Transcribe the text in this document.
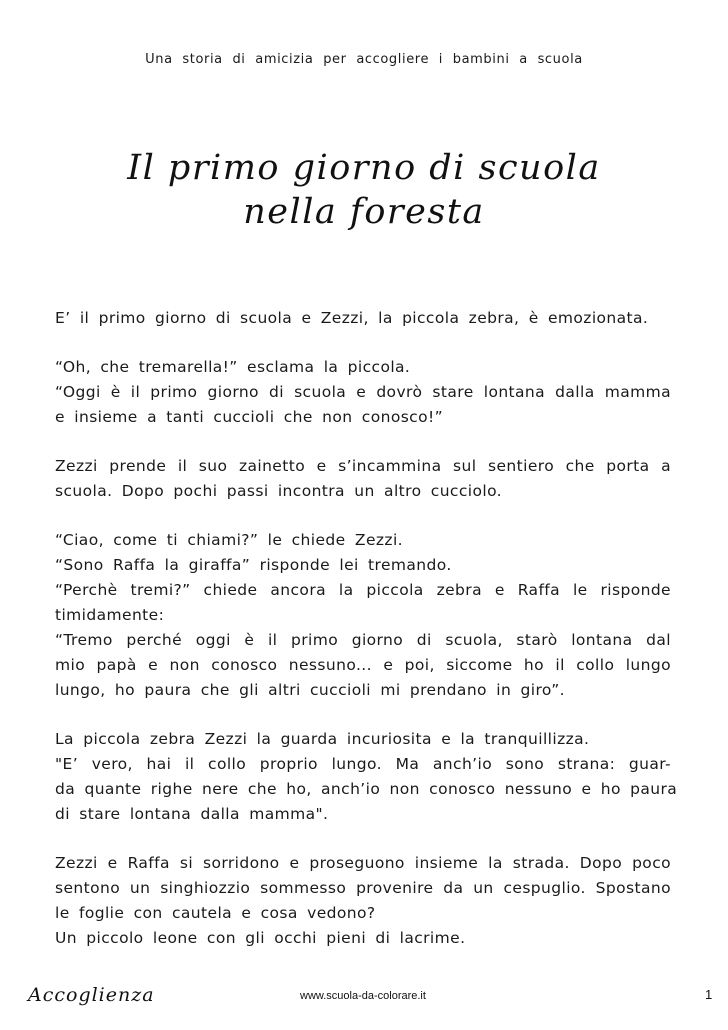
Una storia di amicizia per accogliere i bambini a scuola
Il primo giorno di scuola
nella foresta
E’ il primo giorno di scuola e Zezzi, la piccola zebra, è emozionata.
“Oh, che tremarella!” esclama la piccola.
“Oggi è il primo giorno di scuola e dovrò stare lontana dalla mamma
e insieme a tanti cuccioli che non conosco!”
Zezzi prende il suo zainetto e s’incammina sul sentiero che porta a
scuola. Dopo pochi passi incontra un altro cucciolo.
“Ciao, come ti chiami?” le chiede Zezzi.
“Sono Raffa la giraffa” risponde lei tremando.
“Perchè tremi?” chiede ancora la piccola zebra e Raffa le risponde
timidamente:
“Tremo perché oggi è il primo giorno di scuola, starò lontana dal
mio papà e non conosco nessuno... e poi, siccome ho il collo lungo
lungo, ho paura che gli altri cuccioli mi prendano in giro”.
La piccola zebra Zezzi la guarda incuriosita e la tranquillizza.
"E’ vero, hai il collo proprio lungo. Ma anch’io sono strana: guar-
da quante righe nere che ho, anch’io non conosco nessuno e ho paura
di stare lontana dalla mamma".
Zezzi e Raffa si sorridono e proseguono insieme la strada. Dopo poco
sentono un singhiozzio sommesso provenire da un cespuglio. Spostano
le foglie con cautela e cosa vedono?
Un piccolo leone con gli occhi pieni di lacrime.
Accoglienza	www.scuola-da-colorare.it	1
